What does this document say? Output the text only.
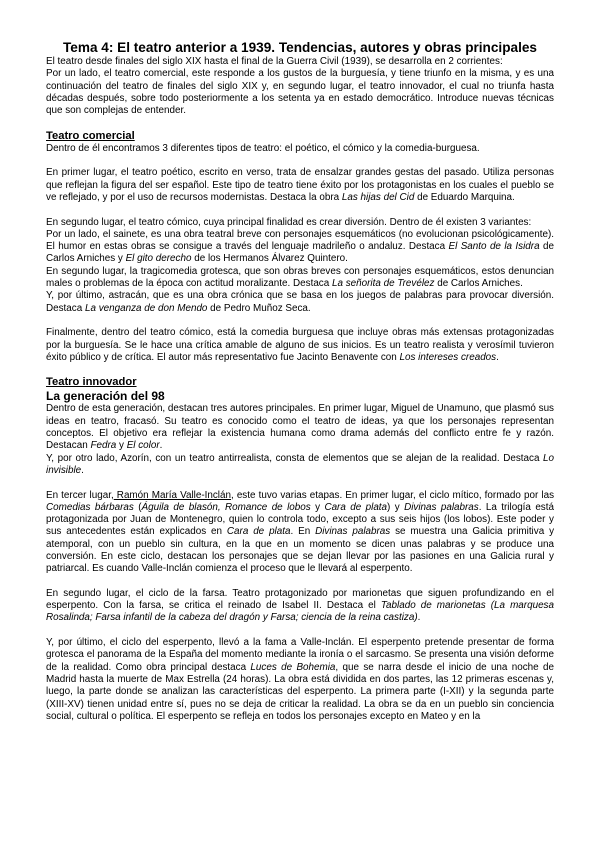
Tema 4: El teatro anterior a 1939. Tendencias, autores y obras principales

El teatro desde finales del siglo XIX hasta el final de la Guerra Civil (1939), se desarrolla en 2 corrientes:

Por un lado, el teatro comercial, este responde a los gustos de la burguesía, y tiene triunfo en la misma, y es una continuación del teatro de finales del siglo XIX y, en segundo lugar, el teatro innovador, el cual no triunfa hasta décadas después, sobre todo posteriormente a los setenta ya en estado democrático. Introduce nuevas técnicas que son complejas de entender.

Teatro comercial

Dentro de él encontramos 3 diferentes tipos de teatro: el poético, el cómico y la comedia-burguesa.

En primer lugar, el teatro poético, escrito en verso, trata de ensalzar grandes gestas del pasado. Utiliza personas que reflejan la figura del ser español. Este tipo de teatro tiene éxito por los protagonistas en los cuales el pueblo se ve reflejado, y por el uso de recursos modernistas. Destaca la obra Las hijas del Cid de Eduardo Marquina.

En segundo lugar, el teatro cómico, cuya principal finalidad es crear diversión. Dentro de él existen 3 variantes:

Por un lado, el sainete, es una obra teatral breve con personajes esquemáticos (no evolucionan psicológicamente). El humor en estas obras se consigue a través del lenguaje madrileño o andaluz. Destaca El Santo de la Isidra de Carlos Arniches y El gito derecho de los Hermanos Álvarez Quintero.

En segundo lugar, la tragicomedia grotesca, que son obras breves con personajes esquemáticos, estos denuncian males o problemas de la época con actitud moralizante. Destaca La señorita de Trevélez de Carlos Arniches.

Y, por último, astracán, que es una obra crónica que se basa en los juegos de palabras para provocar diversión. Destaca La venganza de don Mendo de Pedro Muñoz Seca.

Finalmente, dentro del teatro cómico, está la comedia burguesa que incluye obras más extensas protagonizadas por la burguesía. Se le hace una crítica amable de alguno de sus inicios. Es un teatro realista y verosímil tuvieron éxito público y de crítica. El autor más representativo fue Jacinto Benavente con Los intereses creados.

Teatro innovador
La generación del 98

Dentro de esta generación, destacan tres autores principales. En primer lugar, Miguel de Unamuno, que plasmó sus ideas en teatro, fracasó. Su teatro es conocido como el teatro de ideas, ya que los personajes representan conceptos. El objetivo era reflejar la existencia humana como drama además del conflicto entre fe y razón. Destacan Fedra y El color.

Y, por otro lado, Azorín, con un teatro antirrealista, consta de elementos que se alejan de la realidad. Destaca Lo invisible.

En tercer lugar, Ramón María Valle-Inclán, este tuvo varias etapas. En primer lugar, el ciclo mítico, formado por las Comedias bárbaras (Águila de blasón, Romance de lobos y Cara de plata) y Divinas palabras. La trilogía está protagonizada por Juan de Montenegro, quien lo controla todo, excepto a sus seis hijos (los lobos). Este poder y sus antecedentes están explicados en Cara de plata. En Divinas palabras se muestra una Galicia primitiva y atemporal, con un pueblo sin cultura, en la que en un momento se dicen unas palabras y se produce una conversión. En este ciclo, destacan los personajes que se dejan llevar por las pasiones en una Galicia rural y patriarcal. Es cuando Valle-Inclán comienza el proceso que le llevará al esperpento.

En segundo lugar, el ciclo de la farsa. Teatro protagonizado por marionetas que siguen profundizando en el esperpento. Con la farsa, se critica el reinado de Isabel II. Destaca el Tablado de marionetas (La marquesa Rosalinda; Farsa infantil de la cabeza del dragón y Farsa; ciencia de la reina castiza).

Y, por último, el ciclo del esperpento, llevó a la fama a Valle-Inclán. El esperpento pretende presentar de forma grotesca el panorama de la España del momento mediante la ironía o el sarcasmo. Se presenta una visión deforme de la realidad. Como obra principal destaca Luces de Bohemia, que se narra desde el inicio de una noche de Madrid hasta la muerte de Max Estrella (24 horas). La obra está dividida en dos partes, las 12 primeras escenas y, luego, la parte donde se analizan las características del esperpento. La primera parte (I-XII) y la segunda parte (XIII-XV) tienen unidad entre sí, pues no se deja de criticar la realidad. La obra se da en un pueblo sin conciencia social, cultural o política. El esperpento se refleja en todos los personajes excepto en Mateo y en la
